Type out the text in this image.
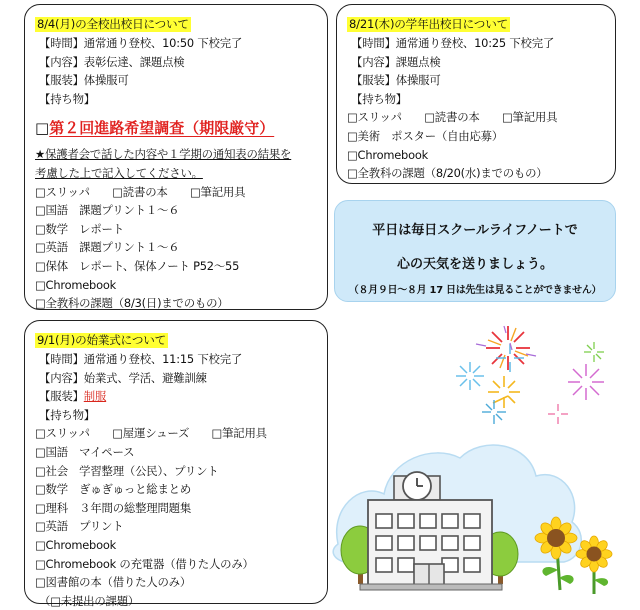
8/4(月)の全校出校日について
【時間】通常通り登校、10:50 下校完了
【内容】表彰伝達、課題点検
【服装】体操服可
【持ち物】
□第２回進路希望調査（期限厳守）
★保護者会で話した内容や１学期の通知表の結果を
考慮した上で記入してください。
□スリッパ　　□読書の本　　□筆記用具
□国語　課題プリント１～６
□数学　レポート
□英語　課題プリント１～６
□保体　レポート、保体ノート P52～55
□Chromebook
□全教科の課題（8/3(日)までのもの）
8/21(木)の学年出校日について
【時間】通常通り登校、10:25 下校完了
【内容】課題点検
【服装】体操服可
【持ち物】
□スリッパ　　□読書の本　　□筆記用具
□美術　ポスター（自由応募）
□Chromebook
□全教科の課題（8/20(水)までのもの）
平日は毎日スクールライフノートで
心の天気を送りましょう。
（８月９日～８月 17 日は先生は見ることができません）
9/1(月)の始業式について
【時間】通常通り登校、11:15 下校完了
【内容】始業式、学活、避難訓練
【服装】制服
【持ち物】
□スリッパ　　□屋運シューズ　　□筆記用具
□国語　マイペース
□社会　学習整理（公民）、プリント
□数学　ぎゅぎゅっと総まとめ
□理科　３年間の総整理問題集
□英語　プリント
□Chromebook
□Chromebook の充電器（借りた人のみ）
□図書館の本（借りた人のみ）
（□未提出の課題）
